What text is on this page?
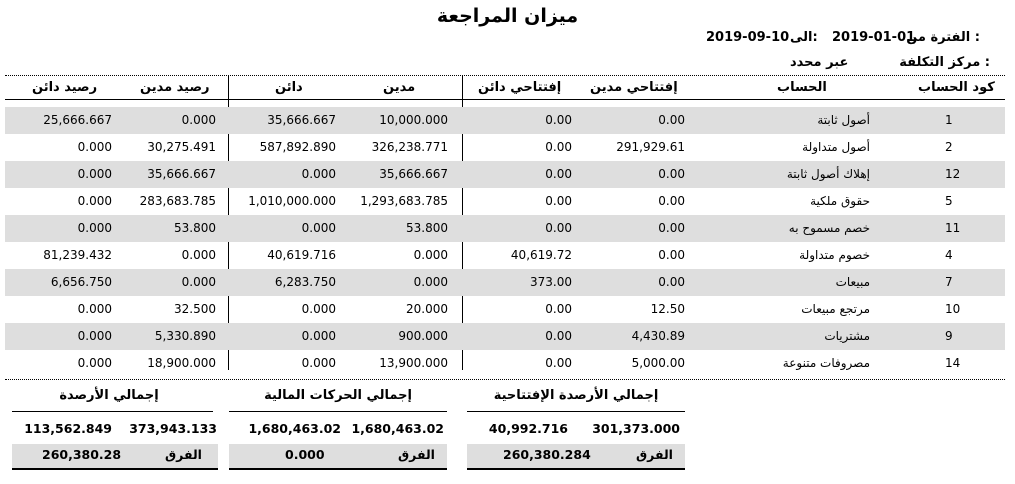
ميزان المراجعة
الفترة من :
2019-01-01
الى:
2019-09-10
مركز التكلفة :
عبر محدد
كود الحساب
الحساب
إفتتاحي مدين
إفتتاحي دائن
مدين
دائن
رصيد مدين
رصيد دائن
1
أصول ثابتة
0.00
0.00
10,000.000
35,666.667
0.000
25,666.667
2
أصول متداولة
291,929.61
0.00
326,238.771
587,892.890
30,275.491
0.000
12
إهلاك أصول ثابتة
0.00
0.00
35,666.667
0.000
35,666.667
0.000
5
حقوق ملكية
0.00
0.00
1,293,683.785
1,010,000.000
283,683.785
0.000
11
خصم مسموح به
0.00
0.00
53.800
0.000
53.800
0.000
4
خصوم متداولة
0.00
40,619.72
0.000
40,619.716
0.000
81,239.432
7
مبيعات
0.00
373.00
0.000
6,283.750
0.000
6,656.750
10
مرتجع مبيعات
12.50
0.00
20.000
0.000
32.500
0.000
9
مشتريات
4,430.89
0.00
900.000
0.000
5,330.890
0.000
14
مصروفات متنوعة
5,000.00
0.00
13,900.000
0.000
18,900.000
0.000
إجمالي الأرصدة الإفتتاحية
301,373.000
40,992.716
الفرق
260,380.284
إجمالي الحركات المالية
1,680,463.02
1,680,463.02
الفرق
0.000
إجمالي الأرصدة
373,943.133
113,562.849
الفرق
260,380.28
